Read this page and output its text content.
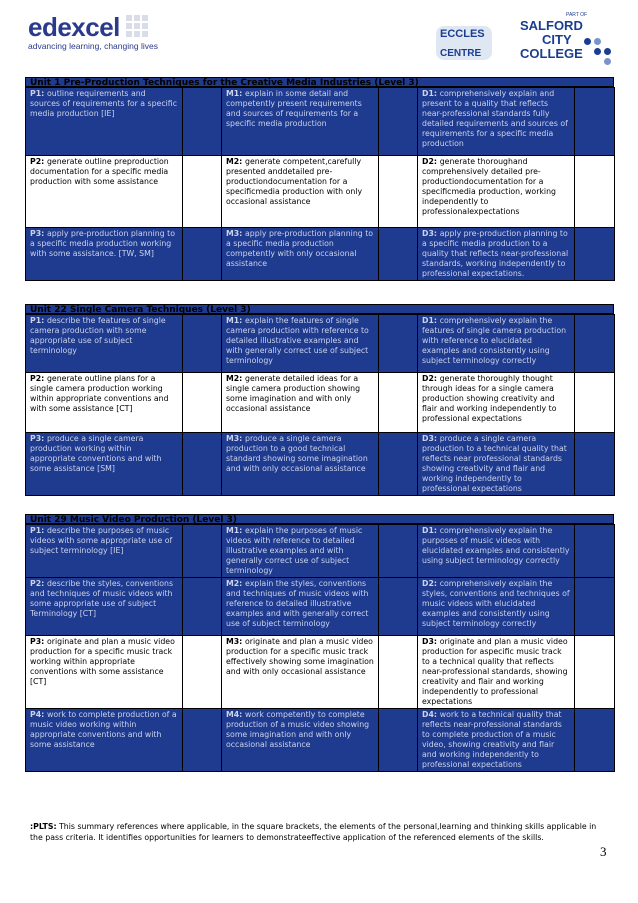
edexcel
advancing learning, changing lives
ECCLES
CENTRE
PART OF
SALFORD
CITY
COLLEGE
Unit 1 Pre-Production Techniques for the Creative Media Industries (Level 3)
P1: outline requirements and sources of requirements for a specific media production [IE]		M1: explain in some detail and competently present requirements and sources of requirements for a specific media production		D1: comprehensively explain and present to a quality that reflects near-professional standards fully detailed requirements and sources of requirements for a specific media production	
P2: generate outline preproduction documentation for a specific media production with some assistance		M2: generate competent,carefully presented anddetailed pre-productiondocumentation for a specificmedia production with only occasional assistance		D2: generate thoroughand comprehensively detailed pre-productiondocumentation for a specificmedia production, working independently to professionalexpectations	
P3: apply pre-production planning to a specific media production working with some assistance. [TW, SM]		M3: apply pre-production planning to a specific media production competently with only occasional assistance		D3: apply pre-production planning to a specific media production to a quality that reflects near-professional standards, working independently to professional expectations.	
Unit 22 Single Camera Techniques (Level 3)
P1: describe the features of single camera production with some appropriate use of subject terminology		M1: explain the features of single camera production with reference to detailed illustrative examples and with generally correct use of subject terminology		D1: comprehensively explain the features of single camera production with reference to elucidated examples and consistently using subject terminology correctly	
P2: generate outline plans for a single camera production working within appropriate conventions and with some assistance [CT]		M2: generate detailed ideas for a single camera production showing some imagination and with only occasional assistance		D2: generate thoroughly thought through ideas for a single camera production showing creativity and flair and working independently to professional expectations	
P3: produce a single camera production working within appropriate conventions and with some assistance [SM]		M3: produce a single camera production to a good technical standard showing some imagination and with only occasional assistance		D3: produce a single camera production to a technical quality that reflects near professional standards showing creativity and flair and working independently to professional expectations	
Unit 29 Music Video Production (Level 3)
P1: describe the purposes of music videos with some appropriate use of subject terminology [IE]		M1: explain the purposes of music videos with reference to detailed illustrative examples and with generally correct use of subject terminology		D1: comprehensively explain the purposes of music videos with elucidated examples and consistently using subject terminology correctly	
P2: describe the styles, conventions and techniques of music videos with some appropriate use of subject Terminology [CT]		M2: explain the styles, conventions and techniques of music videos with reference to detailed illustrative examples and with generally correct use of subject terminology		D2: comprehensively explain the styles, conventions and techniques of music videos with elucidated examples and consistently using subject terminology correctly	
P3: originate and plan a music video production for a specific music track working within appropriate conventions with some assistance [CT]		M3: originate and plan a music video production for a specific music track effectively showing some imagination and with only occasional assistance		D3: originate and plan a music video production for aspecific music track to a technical quality that reflects near-professional standards, showing creativity and flair and working independently to professional expectations	
P4: work to complete production of a music video working within appropriate conventions and with some assistance		M4: work competently to complete production of a music video showing some imagination and with only occasional assistance		D4: work to a technical quality that reflects near-professional standards to complete production of a music video, showing creativity and flair and working independently to professional expectations	
:PLTS: This summary references where applicable, in the square brackets, the elements of the personal,learning and thinking skills applicable in the pass criteria. It identifies opportunities for learners to demonstrateeffective application of the referenced elements of the skills.
3
